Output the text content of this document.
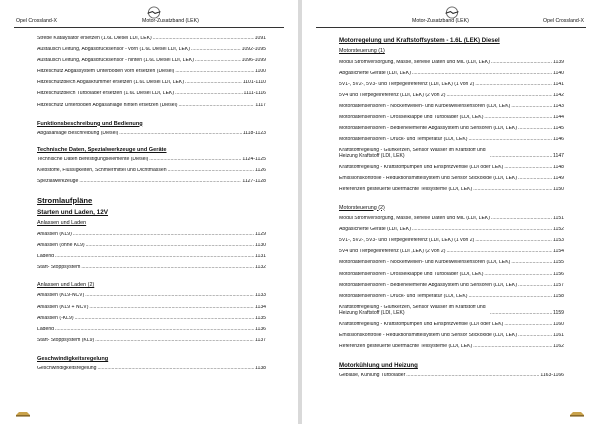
Opel Crossland-X	Motor-Zusatzband (LEK)
Strebe Katalysator ersetzen (1.6L Diesel LDI, LEK) .....	1091
Austausch Leitung, Abgasdrucksensor - vorn (1.6L Diesel LDI, LEK) .....	1092-1095
Austausch Leitung, Abgasdrucksensor - hinten (1.6L Diesel LDI, LEK) .....	1096-1099
Hitzeschutz Abgassystem Unterboden vorn ersetzen (Diesel) .....	1100
Hitzeschutzblech Abgaskrümmer ersetzen (1.6L Diesel LDI, LEK) .....	1101-1110
Hitzeschutzblech Turbolader ersetzen (1.6L Diesel LDI, LEK) .....	1111-1116
Hitzeschutz Unterboden Abgasanlage hinten ersetzen (Diesel) .....	1117
Funktionsbeschreibung und Bedienung
Abgasanlage Beschreibung (Diesel) .....	1118-1123
Technische Daten, Spezialwerkzeuge und Geräte
Technische Daten Befestigungselemente (Diesel) .....	1124-1125
Klebstoffe, Flüssigkeiten, Schmiermittel und Dichtmassen .....	1126
Spezialwerkzeuge .....	1127-1128
Stromlaufpläne
Starten und Laden, 12V
Anlassen und Laden
Anlassen (KL9) .....	1129
Anlassen (ohne KL9) .....	1130
Ladend .....	1131
Start- Stoppsystem .....	1132
Anlassen und Laden (2)
Anlassen (KL9-NCV) .....	1133
Anlassen (KL9 + NCV) .....	1134
Anlassen (-KL9) .....	1135
Ladend .....	1136
Start- Stoppsystem (KL9) .....	1137
Geschwindigkeitsregelung
Geschwindigkeitsregelung .....	1138
Motor-Zusatzband (LEK)	Opel Crossland-X
Motorregelung und Kraftstoffsystem - 1.6L (LEK) Diesel
Motorsteuerung (1)
Modul Stromversorgung, Masse, serielle Daten und MIL (LDI, LEK) .....	1139
Abgasicherte Geräte (LDI, LEK) .....	1140
5V1-, 5V2-, 5V3- und Tiefpegelreferenz (LDI, LEK) (1 von 2) .....	1141
5V4 und Tiefpegelreferenz (LDI, LEK) (2 von 2) .....	1142
Motordatensensoren - Nockenwellen- und Kurbelwellensensoren (LDI, LEK) .....	1143
Motordatensensoren - Drosselklappe und Turbolader (LDI, LEK) .....	1144
Motordatensensoren - Bedienelemente Abgassystem und Sensoren (LDI, LEK) .....	1145
Motordatensensoren - Druck- und Temperatur (LDI, LEK) .....	1146
Kraftstoffregelung - Glühkerzen, Sensor Wasser im Kraftstoff und Heizung Kraftstoff (LDI, LEK) .....	1147
Kraftstoffregelung - Kraftstoffpumpen und Einspritzventile (LDI oder LEK) .....	1148
Emissionskontrolle - Reduktionsmittelsystem und Sensor Stickoxide (LDI, LEK) .....	1149
Referenzen gesteuerte übermachte Teilsysteme (LDI, LEK) .....	1150
Motorsteuerung (2)
Modul Stromversorgung, Masse, serielle Daten und MIL (LDI, LEK) .....	1151
Abgasicherte Geräte (LDI, LEK) .....	1152
5V1-, 5V2-, 5V3- und Tiefpegelreferenz (LDI, LEK) (1 von 2) .....	1153
5V4 und Tiefpegelreferenz (LDI ,LEK) (2 von 2) .....	1154
Motordatensensoren - Nockenwellen- und Kurbelwellensensoren (LDI, LEK) .....	1155
Motordatensensoren - Drosselklappe und Turbolader (LDI, LEK) .....	1156
Motordatensensoren - Bedienelemente Abgassystem und Sensoren (LDI, LEK) .....	1157
Motordatensensoren - Druck- und Temperatur (LDI, LEK) .....	1158
Kraftstoffregelung - Glühkerzen, Sensor Wasser im Kraftstoff und Heizung Kraftstoff (LDI, LEK) .....	1159
Kraftstoffregelung - Kraftstoffpumpen und Einspritzventile (LDI oder LEK) .....	1160
Emissionskontrolle - Reduktionsmittelsystem und Sensor Stickoxide (LDI, LEK) .....	1161
Referenzen gesteuerte übermachte Teilsysteme (LDI, LEK) .....	1162
Motorkühlung und Heizung
Gebläse, Kühlung Turbolader .....	1163-1166
